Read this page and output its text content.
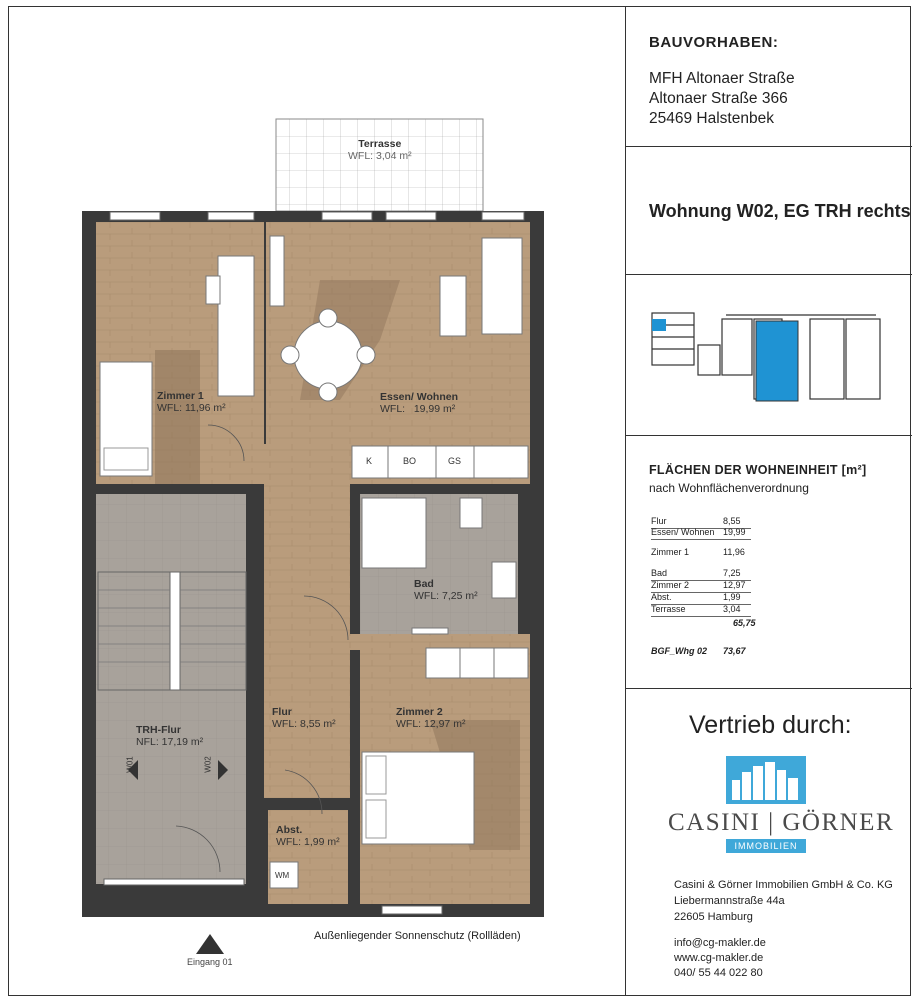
Terrasse
WFL: 3,04 m²
Zimmer 1
WFL: 11,96 m²
Essen/ Wohnen
WFL:   19,99 m²
Bad
WFL: 7,25 m²
TRH-Flur
NFL: 17,19 m²
Flur
WFL: 8,55 m²
Zimmer 2
WFL: 12,97 m²
Abst.
WFL: 1,99 m²
K	BO	GS
WM
W01	W02
Außenliegender Sonnenschutz (Rollläden)
Eingang 01
BAUVORHABEN:
MFH Altonaer Straße
Altonaer Straße 366
25469 Halstenbek
Wohnung W02, EG TRH rechts
FLÄCHEN DER WOHNEINHEIT [m²]
nach Wohnflächenverordnung
Flur	8,55
Essen/ Wohnen 19,99
Zimmer 1	11,96
Bad	7,25
Zimmer 2	12,97
Abst.	1,99
Terrasse	3,04
65,75
BGF_Whg 02 73,67
Vertrieb durch:
CASINI | GÖRNER
IMMOBILIEN
Casini & Görner Immobilien GmbH & Co. KG
Liebermannstraße 44a
22605 Hamburg
info@cg-makler.de
www.cg-makler.de
040/ 55 44 022 80
